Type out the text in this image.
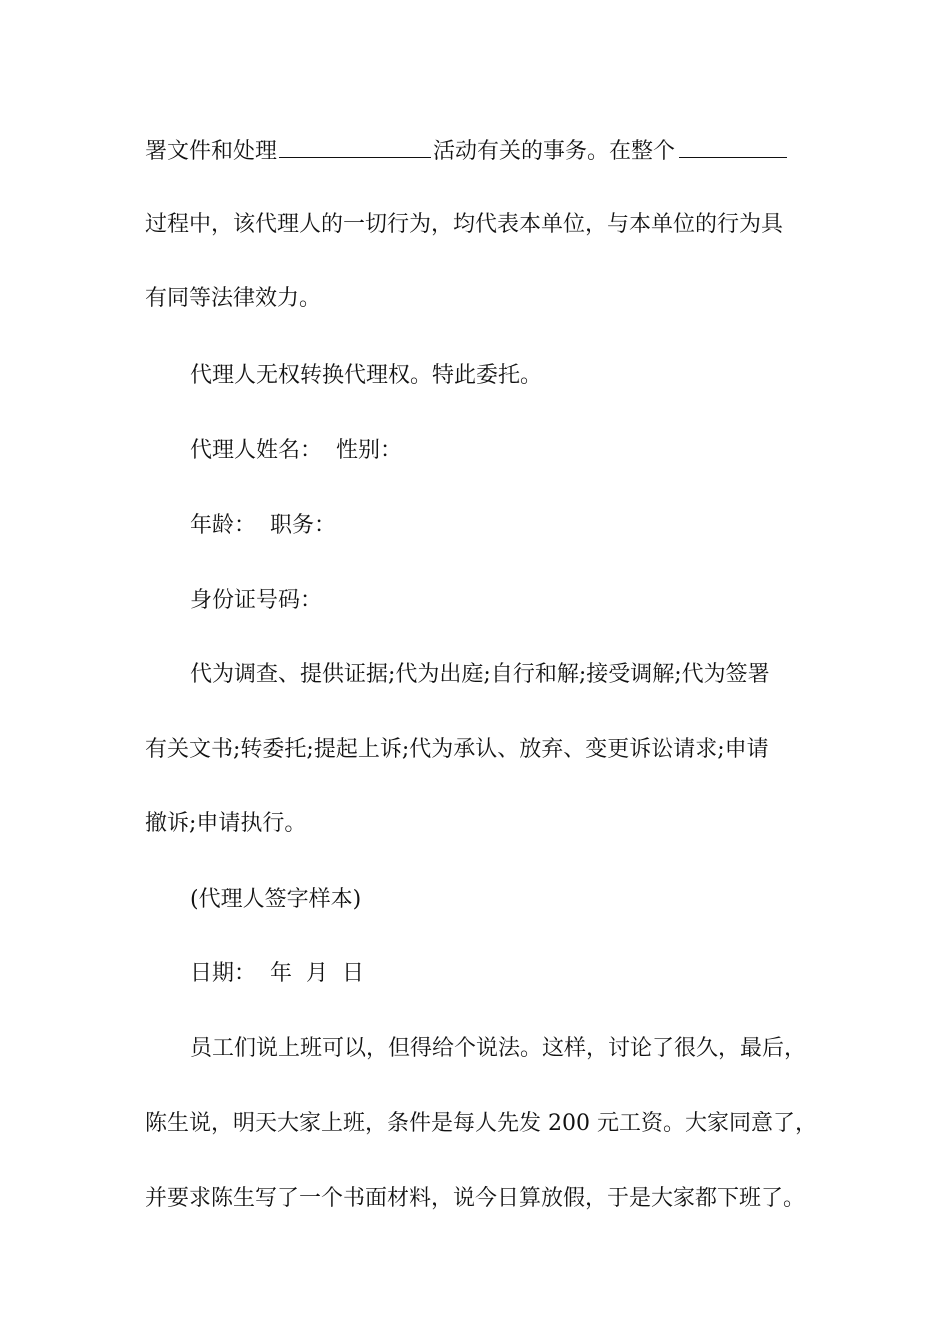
署文件和处理	活动有关的事务。在整个
过程中，该代理人的一切行为，均代表本单位，与本单位的行为具
有同等法律效力。
代理人无权转换代理权。特此委托。
代理人姓名：  性别：
年龄：  职务：
身份证号码：
代为调查、提供证据;代为出庭;自行和解;接受调解;代为签署
有关文书;转委托;提起上诉;代为承认、放弃、变更诉讼请求;申请
撤诉;申请执行。
(代理人签字样本)
日期：  年  月  日
员工们说上班可以，但得给个说法。这样，讨论了很久，最后，
陈生说，明天大家上班，条件是每人先发 200 元工资。大家同意了，
并要求陈生写了一个书面材料，说今日算放假，于是大家都下班了。
